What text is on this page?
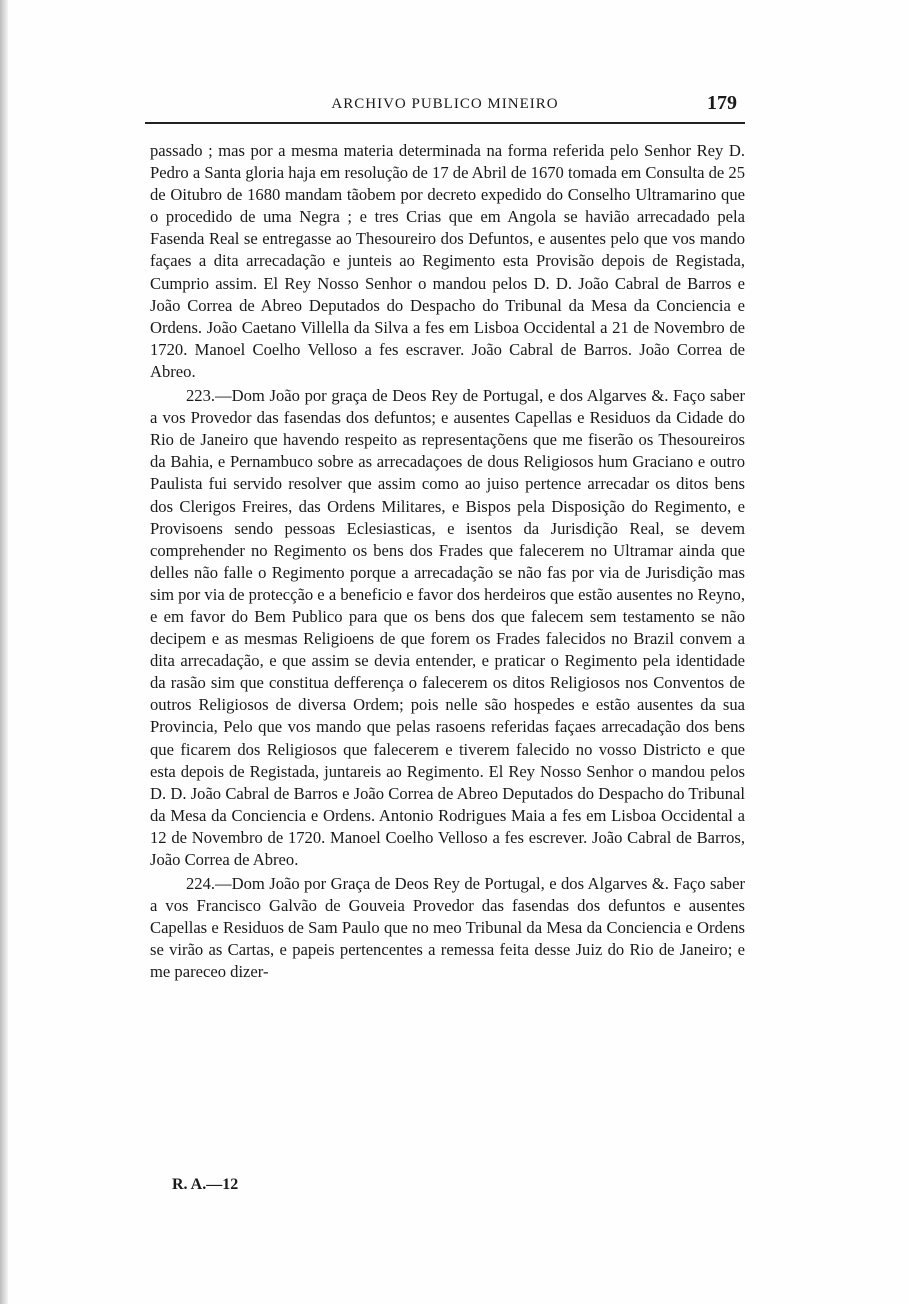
ARCHIVO PUBLICO MINEIRO	179

passado ; mas por a mesma materia determinada na forma referida pelo Senhor Rey D. Pedro a Santa gloria haja em resolução de 17 de Abril de 1670 tomada em Consulta de 25 de Oitubro de 1680 mandam tãobem por decreto expedido do Conselho Ultramarino que o procedido de uma Negra ; e tres Crias que em Angola se havião arrecadado pela Fasenda Real se entregasse ao Thesoureiro dos Defuntos, e ausentes pelo que vos mando façaes a dita arrecadação e junteis ao Regimento esta Provisão depois de Registada, Cumprio assim. El Rey Nosso Senhor o mandou pelos D. D. João Cabral de Barros e João Correa de Abreo Deputados do Despacho do Tribunal da Mesa da Conciencia e Ordens. João Caetano Villella da Silva a fes em Lisboa Occidental a 21 de Novembro de 1720. Manoel Coelho Velloso a fes escraver. João Cabral de Barros. João Correa de Abreo.

223.—Dom João por graça de Deos Rey de Portugal, e dos Algarves &. Faço saber a vos Provedor das fasendas dos defuntos; e ausentes Capellas e Residuos da Cidade do Rio de Janeiro que havendo respeito as representaçõens que me fiserão os Thesoureiros da Bahia, e Pernambuco sobre as arrecadaçoes de dous Religiosos hum Graciano e outro Paulista fui servido resolver que assim como ao juiso pertence arrecadar os ditos bens dos Clerigos Freires, das Ordens Militares, e Bispos pela Disposição do Regimento, e Provisoens sendo pessoas Eclesiasticas, e isentos da Jurisdição Real, se devem comprehender no Regimento os bens dos Frades que falecerem no Ultramar ainda que delles não falle o Regimento porque a arrecadação se não fas por via de Jurisdição mas sim por via de protecção e a beneficio e favor dos herdeiros que estão ausentes no Reyno, e em favor do Bem Publico para que os bens dos que falecem sem testamento se não decipem e as mesmas Religioens de que forem os Frades falecidos no Brazil convem a dita arrecadação, e que assim se devia entender, e praticar o Regimento pela identidade da rasão sim que constitua defferença o falecerem os ditos Religiosos nos Conventos de outros Religiosos de diversa Ordem; pois nelle são hospedes e estão ausentes da sua Provincia, Pelo que vos mando que pelas rasoens referidas façaes arrecadação dos bens que ficarem dos Religiosos que falecerem e tiverem falecido no vosso Districto e que esta depois de Registada, juntareis ao Regimento. El Rey Nosso Senhor o mandou pelos D. D. João Cabral de Barros e João Correa de Abreo Deputados do Despacho do Tribunal da Mesa da Conciencia e Ordens. Antonio Rodrigues Maia a fes em Lisboa Occidental a 12 de Novembro de 1720. Manoel Coelho Velloso a fes escrever. João Cabral de Barros, João Correa de Abreo.

224.—Dom João por Graça de Deos Rey de Portugal, e dos Algarves &. Faço saber a vos Francisco Galvão de Gouveia Provedor das fasendas dos defuntos e ausentes Capellas e Residuos de Sam Paulo que no meo Tribunal da Mesa da Conciencia e Ordens se virão as Cartas, e papeis pertencentes a remessa feita desse Juiz do Rio de Janeiro; e me pareceo dizer-

R. A.—12
